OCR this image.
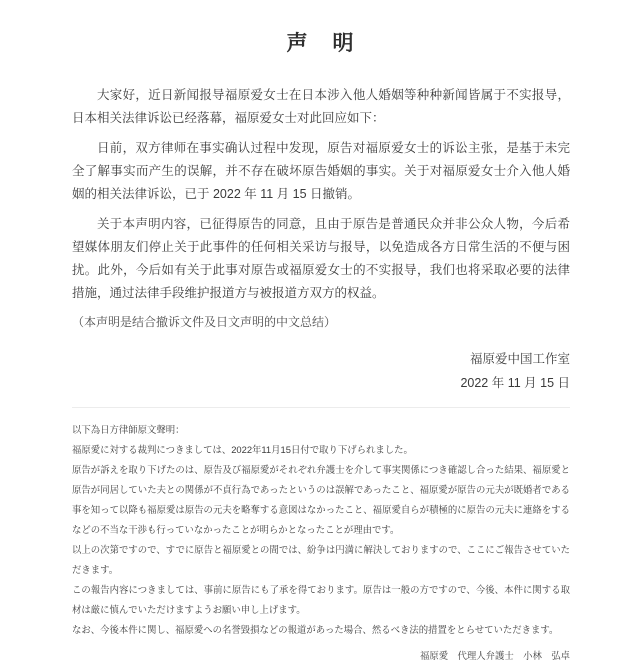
声　明

大家好，近日新闻报导福原爱女士在日本涉入他人婚姻等种种新闻皆属于不实报导，日本相关法律诉讼已经落幕，福原爱女士对此回应如下：

日前，双方律师在事实确认过程中发现，原告对福原爱女士的诉讼主张，是基于未完全了解事实而产生的误解，并不存在破坏原告婚姻的事实。关于对福原爱女士介入他人婚姻的相关法律诉讼，已于 2022 年 11 月 15 日撤销。

关于本声明内容，已征得原告的同意，且由于原告是普通民众并非公众人物，今后希望媒体朋友们停止关于此事件的任何相关采访与报导，以免造成各方日常生活的不便与困扰。此外，今后如有关于此事对原告或福原爱女士的不实报导，我们也将采取必要的法律措施，通过法律手段维护报道方与被报道方双方的权益。

（本声明是结合撤诉文件及日文声明的中文总结）

福原爱中国工作室
2022 年 11 月 15 日

以下為日方律師原文聲明：

福原愛に対する裁判につきましては、2022年11月15日付で取り下げられました。

原告が訴えを取り下げたのは、原告及び福原愛がそれぞれ弁護士を介して事実関係につき確認し合った結果、福原愛と原告が同居していた夫との関係が不貞行為であったというのは誤解であったこと、福原愛が原告の元夫が既婚者である事を知って以降も福原愛は原告の元夫を略奪する意図はなかったこと、福原愛自らが積極的に原告の元夫に連絡をするなどの不当な干渉も行っていなかったことが明らかとなったことが理由です。

以上の次第ですので、すでに原告と福原愛との間では、紛争は円満に解決しておりますので、ここにご報告させていただきます。

この報告内容につきましては、事前に原告にも了承を得ております。原告は一般の方ですので、今後、本件に関する取材は厳に慎んでいただけますようお願い申し上げます。

なお、今後本件に関し、福原愛への名誉毀損などの報道があった場合、然るべき法的措置をとらせていただきます。

福原愛　代理人弁護士　小林　弘卓
